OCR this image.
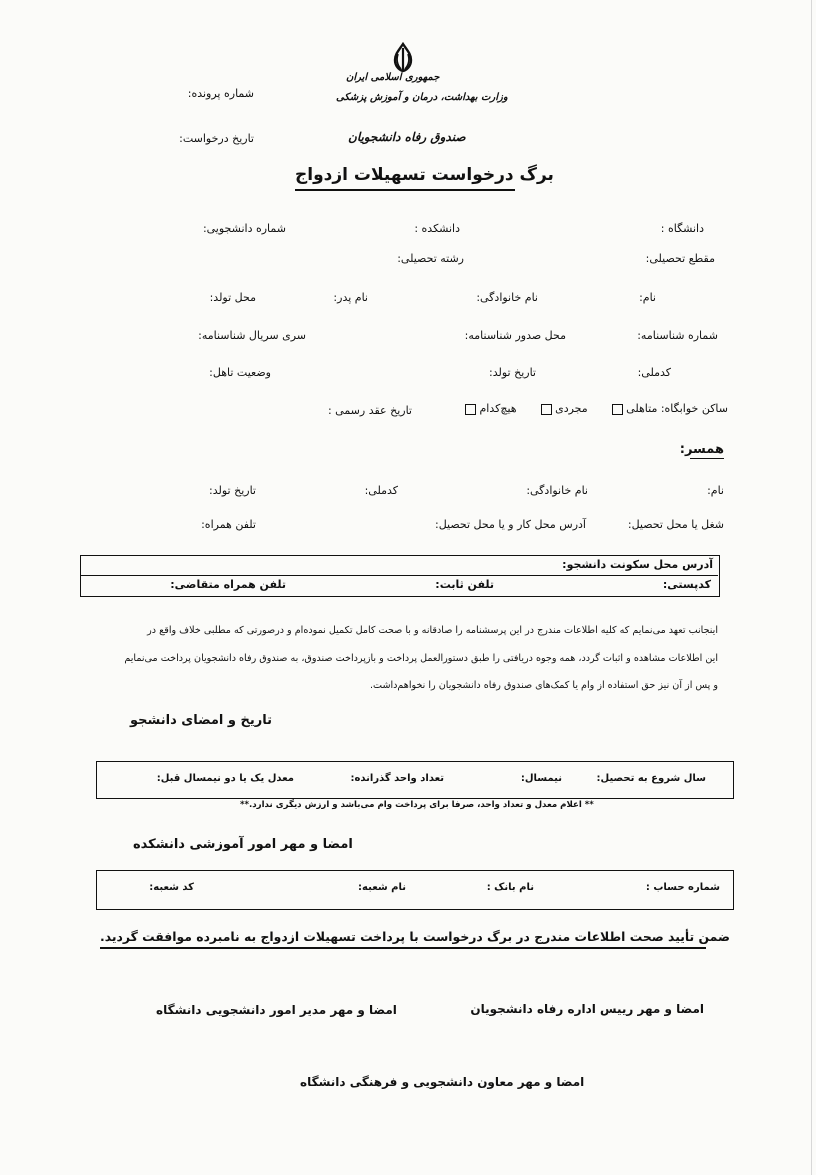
جمهوری اسلامی ایران
وزارت بهداشت، درمان و آموزش پزشکی
صندوق رفاه دانشجویان
شماره پرونده:
تاریخ درخواست:
برگ درخواست تسهیلات ازدواج
دانشگاه :
دانشکده :
شماره دانشجویی:
مقطع تحصیلی:
رشته تحصیلی:
نام:
نام خانوادگی:
نام پدر:
محل تولد:
شماره شناسنامه:
محل صدور شناسنامه:
سری سریال شناسنامه:
کدملی:
تاریخ تولد:
وضعیت تاهل:
ساکن خوابگاه: متاهلی   مجردی   هیچ‌کدام
تاریخ عقد رسمی :
همسر:
نام:
نام خانوادگی:
کدملی:
تاریخ تولد:
شغل یا محل تحصیل:
آدرس محل کار و یا محل تحصیل:
تلفن همراه:
آدرس محل سکونت دانشجو:
کدپستی:
تلفن ثابت:
تلفن همراه متقاضی:
اینجانب تعهد می‌نمایم که کلیه اطلاعات مندرج در این پرسشنامه را صادقانه و با صحت کامل تکمیل نموده‌ام و درصورتی که مطلبی خلاف واقع در
این اطلاعات مشاهده و اثبات گردد، همه وجوه دریافتی را طبق دستورالعمل پرداخت و بازپرداخت صندوق، به صندوق رفاه دانشجویان پرداخت می‌نمایم
و پس از آن نیز حق استفاده از وام یا کمک‌های صندوق رفاه دانشجویان را نخواهم‌داشت.
تاریخ و امضای دانشجو
سال شروع به تحصیل:
نیمسال:
تعداد واحد گذرانده:
معدل یک یا دو نیمسال قبل:
** اعلام معدل و تعداد واحد، صرفا برای پرداخت وام می‌باشد و ارزش دیگری ندارد.**
امضا و مهر امور آموزشی دانشکده
شماره حساب :
نام بانک :
نام شعبه:
کد شعبه:
ضمن تأیید صحت اطلاعات مندرج در برگ درخواست با پرداخت تسهیلات ازدواج به نامبرده موافقت گردید.
امضا و مهر رییس اداره رفاه دانشجویان
امضا و مهر مدیر امور دانشجویی دانشگاه
امضا و مهر معاون دانشجویی و فرهنگی دانشگاه
